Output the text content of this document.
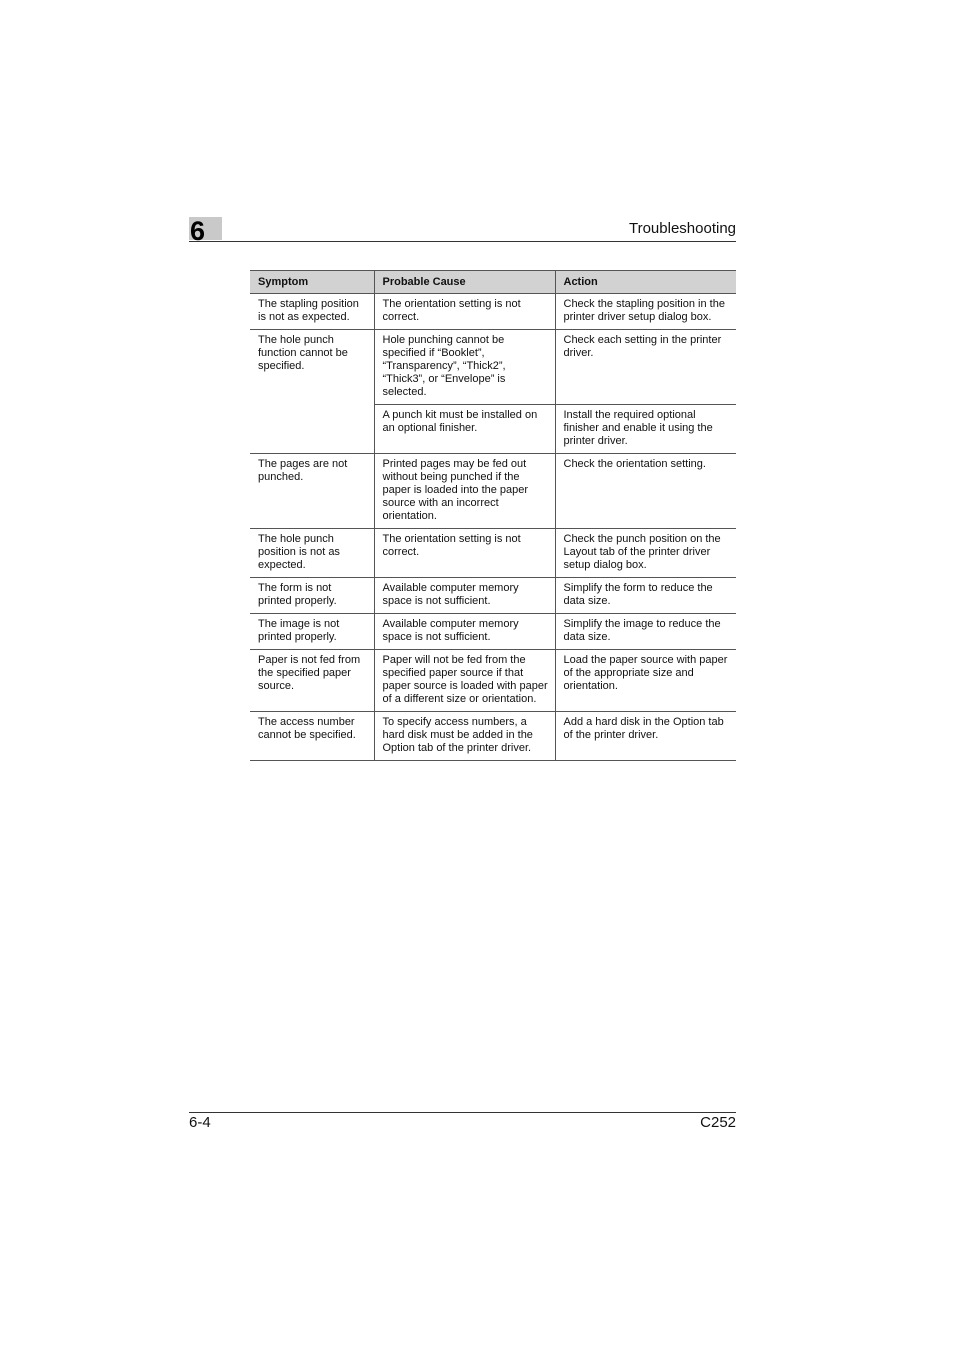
6	Troubleshooting
Symptom	Probable Cause	Action
The stapling position is not as expected.	The orientation setting is not correct.	Check the stapling position in the printer driver setup dialog box.
The hole punch function cannot be specified.	Hole punching cannot be specified if “Booklet”, “Transparency”, “Thick2”, “Thick3”, or “Envelope” is selected.	Check each setting in the printer driver.
	A punch kit must be installed on an optional finisher.	Install the required optional finisher and enable it using the printer driver.
The pages are not punched.	Printed pages may be fed out without being punched if the paper is loaded into the paper source with an incorrect orientation.	Check the orientation setting.
The hole punch position is not as expected.	The orientation setting is not correct.	Check the punch position on the Layout tab of the printer driver setup dialog box.
The form is not printed properly.	Available computer memory space is not sufficient.	Simplify the form to reduce the data size.
The image is not printed properly.	Available computer memory space is not sufficient.	Simplify the image to reduce the data size.
Paper is not fed from the specified paper source.	Paper will not be fed from the specified paper source if that paper source is loaded with paper of a different size or orientation.	Load the paper source with paper of the appropriate size and orientation.
The access number cannot be specified.	To specify access numbers, a hard disk must be added in the Option tab of the printer driver.	Add a hard disk in the Option tab of the printer driver.
6-4	C252
